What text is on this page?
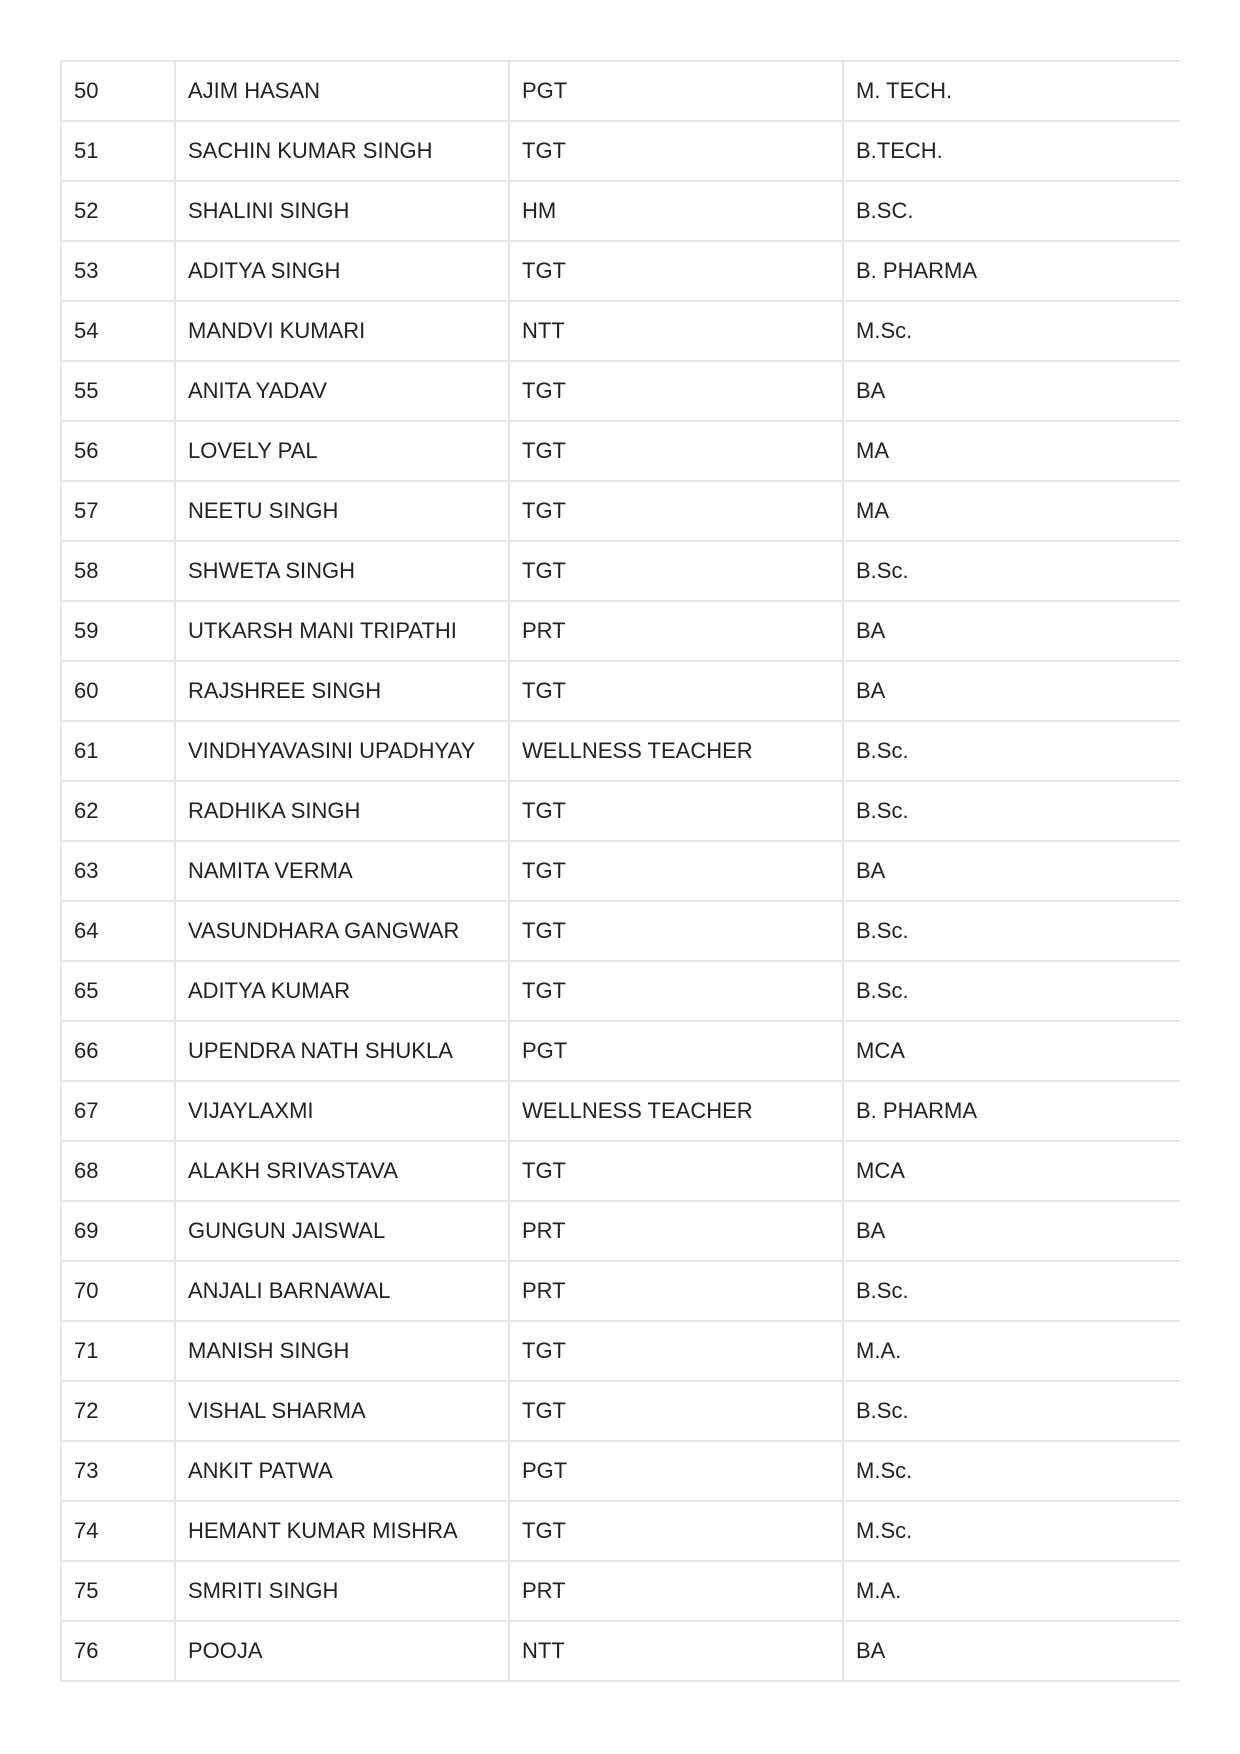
50	AJIM HASAN	PGT	M. TECH.
51	SACHIN KUMAR SINGH	TGT	B.TECH.
52	SHALINI SINGH	HM	B.SC.
53	ADITYA SINGH	TGT	B. PHARMA
54	MANDVI KUMARI	NTT	M.Sc.
55	ANITA YADAV	TGT	BA
56	LOVELY PAL	TGT	MA
57	NEETU SINGH	TGT	MA
58	SHWETA SINGH	TGT	B.Sc.
59	UTKARSH MANI TRIPATHI	PRT	BA
60	RAJSHREE SINGH	TGT	BA
61	VINDHYAVASINI UPADHYAY	WELLNESS TEACHER	B.Sc.
62	RADHIKA SINGH	TGT	B.Sc.
63	NAMITA VERMA	TGT	BA
64	VASUNDHARA GANGWAR	TGT	B.Sc.
65	ADITYA KUMAR	TGT	B.Sc.
66	UPENDRA NATH SHUKLA	PGT	MCA
67	VIJAYLAXMI	WELLNESS TEACHER	B. PHARMA
68	ALAKH SRIVASTAVA	TGT	MCA
69	GUNGUN JAISWAL	PRT	BA
70	ANJALI BARNAWAL	PRT	B.Sc.
71	MANISH SINGH	TGT	M.A.
72	VISHAL SHARMA	TGT	B.Sc.
73	ANKIT PATWA	PGT	M.Sc.
74	HEMANT KUMAR MISHRA	TGT	M.Sc.
75	SMRITI SINGH	PRT	M.A.
76	POOJA	NTT	BA
